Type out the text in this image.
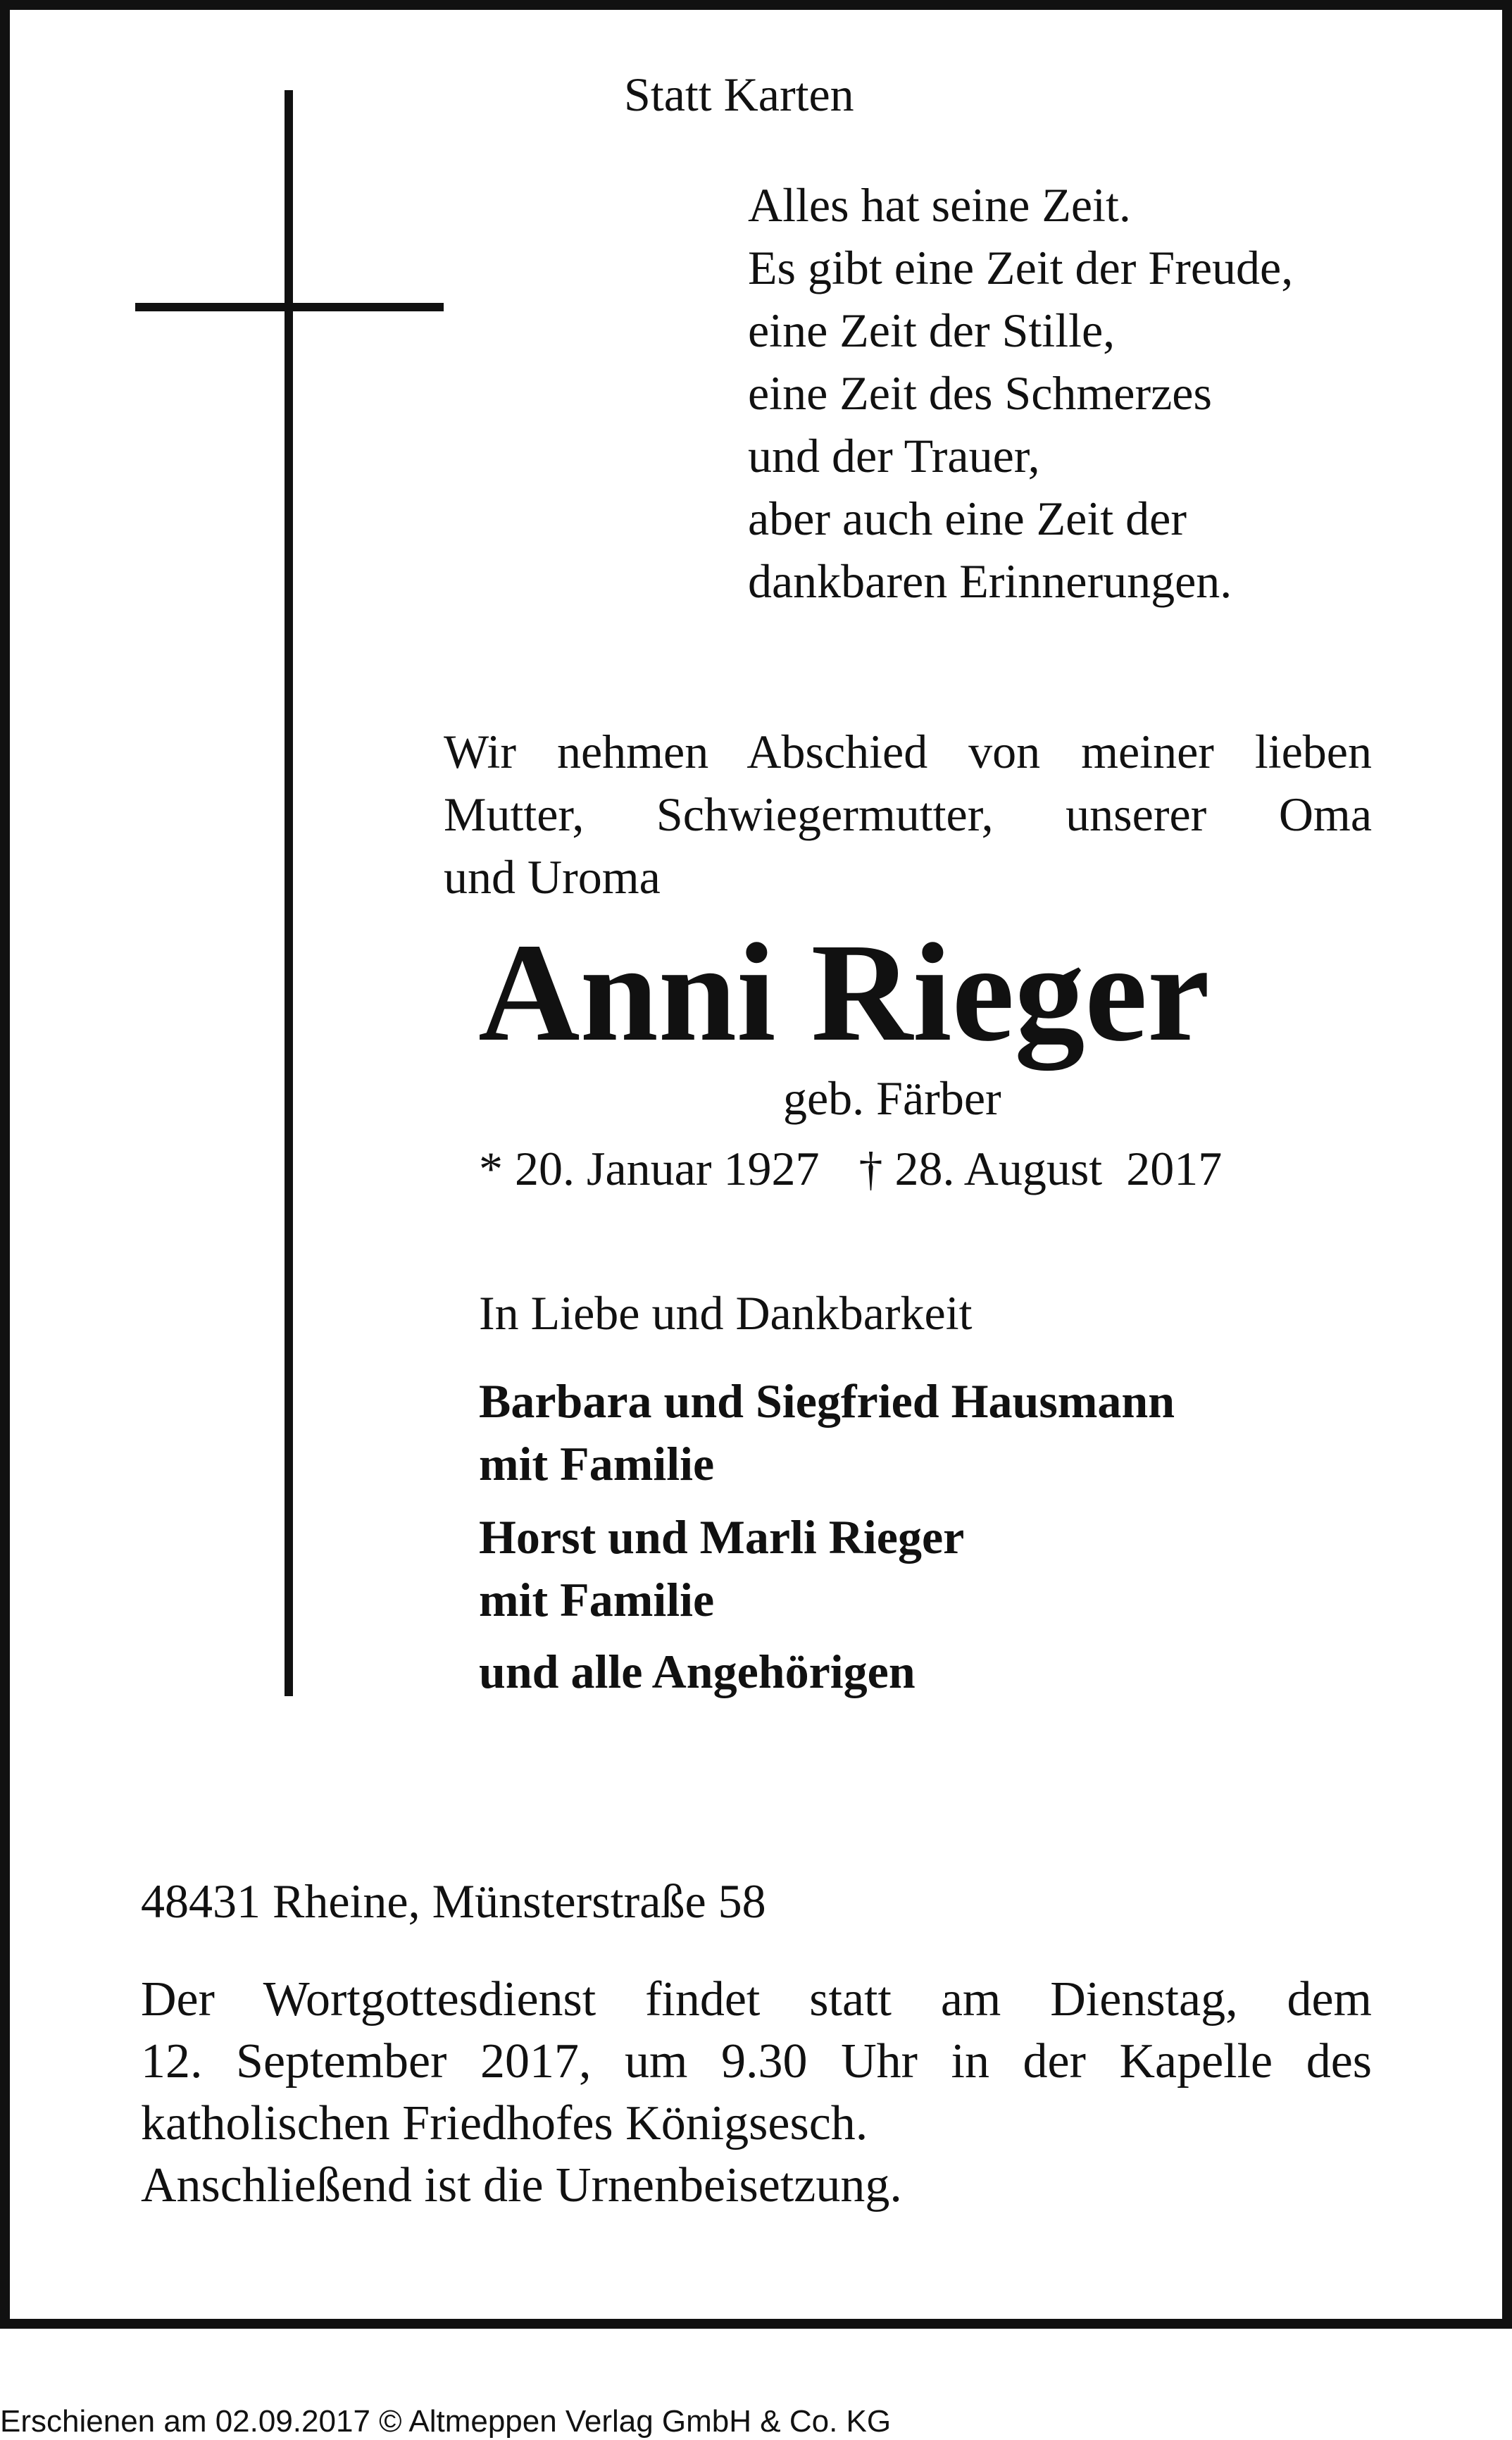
Statt Karten

Alles hat seine Zeit.
Es gibt eine Zeit der Freude,
eine Zeit der Stille,
eine Zeit des Schmerzes
und der Trauer,
aber auch eine Zeit der
dankbaren Erinnerungen.
Wir nehmen Abschied von meiner lieben
Mutter, Schwiegermutter, unserer Oma
und Uroma

Anni Rieger

geb. Färber

* 20. Januar 1927 † 28. August  2017

In Liebe und Dankbarkeit

Barbara und Siegfried Hausmann
mit Familie
Horst und Marli Rieger
mit Familie
und alle Angehörigen

48431 Rheine, Münsterstraße 58

Der Wortgottesdienst findet statt am Dienstag, dem
12. September 2017, um 9.30 Uhr in der Kapelle des
katholischen Friedhofes Königsesch.
Anschließend ist die Urnenbeisetzung.

Erschienen am 02.09.2017 © Altmeppen Verlag GmbH & Co. KG
